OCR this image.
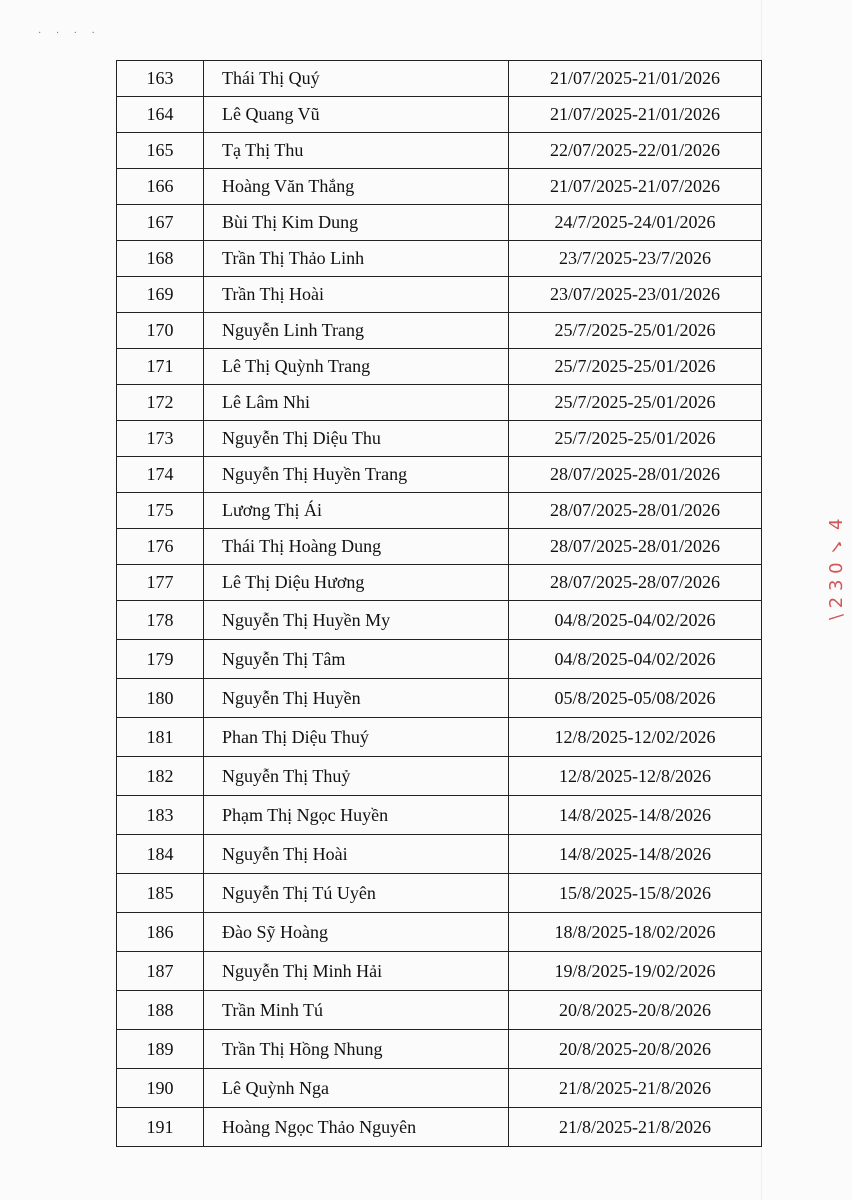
· · · ·
\ 2 3 0 ✓ 4
163	Thái Thị Quý	21/07/2025-21/01/2026
164	Lê Quang Vũ	21/07/2025-21/01/2026
165	Tạ Thị Thu	22/07/2025-22/01/2026
166	Hoàng Văn Thắng	21/07/2025-21/07/2026
167	Bùi Thị Kim Dung	24/7/2025-24/01/2026
168	Trần Thị Thảo Linh	23/7/2025-23/7/2026
169	Trần Thị Hoài	23/07/2025-23/01/2026
170	Nguyễn Linh Trang	25/7/2025-25/01/2026
171	Lê Thị Quỳnh Trang	25/7/2025-25/01/2026
172	Lê Lâm Nhi	25/7/2025-25/01/2026
173	Nguyễn Thị Diệu Thu	25/7/2025-25/01/2026
174	Nguyễn Thị Huyền Trang	28/07/2025-28/01/2026
175	Lương Thị Ái	28/07/2025-28/01/2026
176	Thái Thị Hoàng Dung	28/07/2025-28/01/2026
177	Lê Thị Diệu Hương	28/07/2025-28/07/2026
178	Nguyễn Thị Huyền My	04/8/2025-04/02/2026
179	Nguyễn Thị Tâm	04/8/2025-04/02/2026
180	Nguyễn Thị Huyền	05/8/2025-05/08/2026
181	Phan Thị Diệu Thuý	12/8/2025-12/02/2026
182	Nguyễn Thị Thuỷ	12/8/2025-12/8/2026
183	Phạm Thị Ngọc Huyền	14/8/2025-14/8/2026
184	Nguyễn Thị Hoài	14/8/2025-14/8/2026
185	Nguyễn Thị Tú Uyên	15/8/2025-15/8/2026
186	Đào Sỹ Hoàng	18/8/2025-18/02/2026
187	Nguyễn Thị Minh Hải	19/8/2025-19/02/2026
188	Trần Minh Tú	20/8/2025-20/8/2026
189	Trần Thị Hồng Nhung	20/8/2025-20/8/2026
190	Lê Quỳnh Nga	21/8/2025-21/8/2026
191	Hoàng Ngọc Thảo Nguyên	21/8/2025-21/8/2026
